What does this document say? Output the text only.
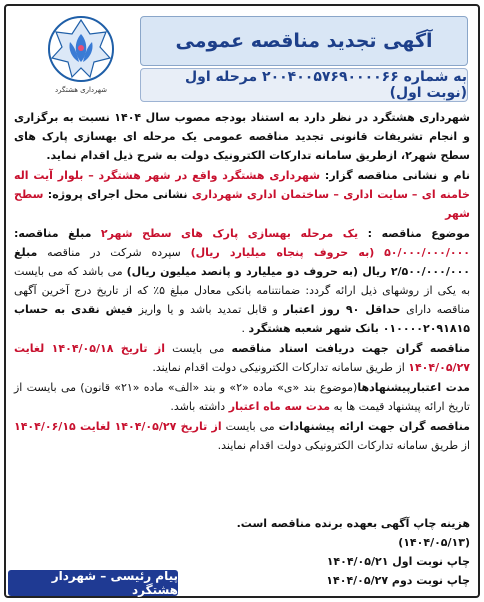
شهرداری هشتگرد
آگهی تجدید مناقصه عمومی
به شماره ۲۰۰۴۰۰۵۷۶۹۰۰۰۰۶۶ مرحله اول (نوبت اول)

شهرداری هشتگرد در نظر دارد به استناد بودجه مصوب سال ۱۴۰۴ نسبت به برگزاری و انجام تشریفات قانونی تجدید مناقصه عمومی یک مرحله ای بهسازی پارک های سطح شهر۲، ازطریق سامانه تدارکات الکترونیک دولت به شرح ذیل اقدام نماید.

نام و نشانی مناقصه گزار: شهرداری هشتگرد واقع در شهر هشتگرد – بلوار آیت اله خامنه ای – سایت اداری – ساختمان اداری شهرداری نشانی محل اجرای پروژه: سطح شهر

موضوع مناقصه : یک مرحله بهسازی پارک های سطح شهر۲ مبلغ مناقصه: ۵۰/۰۰۰/۰۰۰/۰۰۰ (به حروف پنجاه میلیارد ریال) سپرده شرکت در مناقصه مبلغ ۲/۵۰۰/۰۰۰/۰۰۰ ریال (به حروف دو میلیارد و پانصد میلیون ریال) می باشد که می بایست به یکی از روشهای ذیل ارائه گردد: ضمانتنامه بانکی معادل مبلغ ۵٪ که از تاریخ درج آخرین آگهی مناقصه دارای حداقل ۹۰ روز اعتبار و قابل تمدید باشد و یا واریز فیش نقدی به حساب ۰۱۰۰۰۰۲۰۹۱۸۱۵ بانک شهر شعبه هشتگرد .

مناقصه گران جهت دریافت اسناد مناقصه می بایست از تاریخ ۱۴۰۴/۰۵/۱۸ لغایت ۱۴۰۴/۰۵/۲۷ از طریق سامانه تدارکات الکترونیکی دولت اقدام نمایند.

مدت اعتبارپیشنهادها(موضوع بند «ی» ماده «۲» و بند «الف» ماده «۲۱» قانون) می بایست از تاریخ ارائه پیشنهاد قیمت ها به مدت سه ماه اعتبار داشته باشد.

مناقصه گران جهت ارائه پیشنهادات می بایست از تاریخ ۱۴۰۴/۰۵/۲۷ لغایت ۱۴۰۴/۰۶/۱۵ از طریق سامانه تدارکات الکترونیکی دولت اقدام نمایند.

هزینه چاپ آگهی بعهده برنده مناقصه است.(۱۴۰۴/۰۵/۱۳)
چاپ نوبت اول ۱۴۰۴/۰۵/۲۱
چاپ نوبت دوم ۱۴۰۴/۰۵/۲۷
پیام رئیسی – شهردار هشتگرد
